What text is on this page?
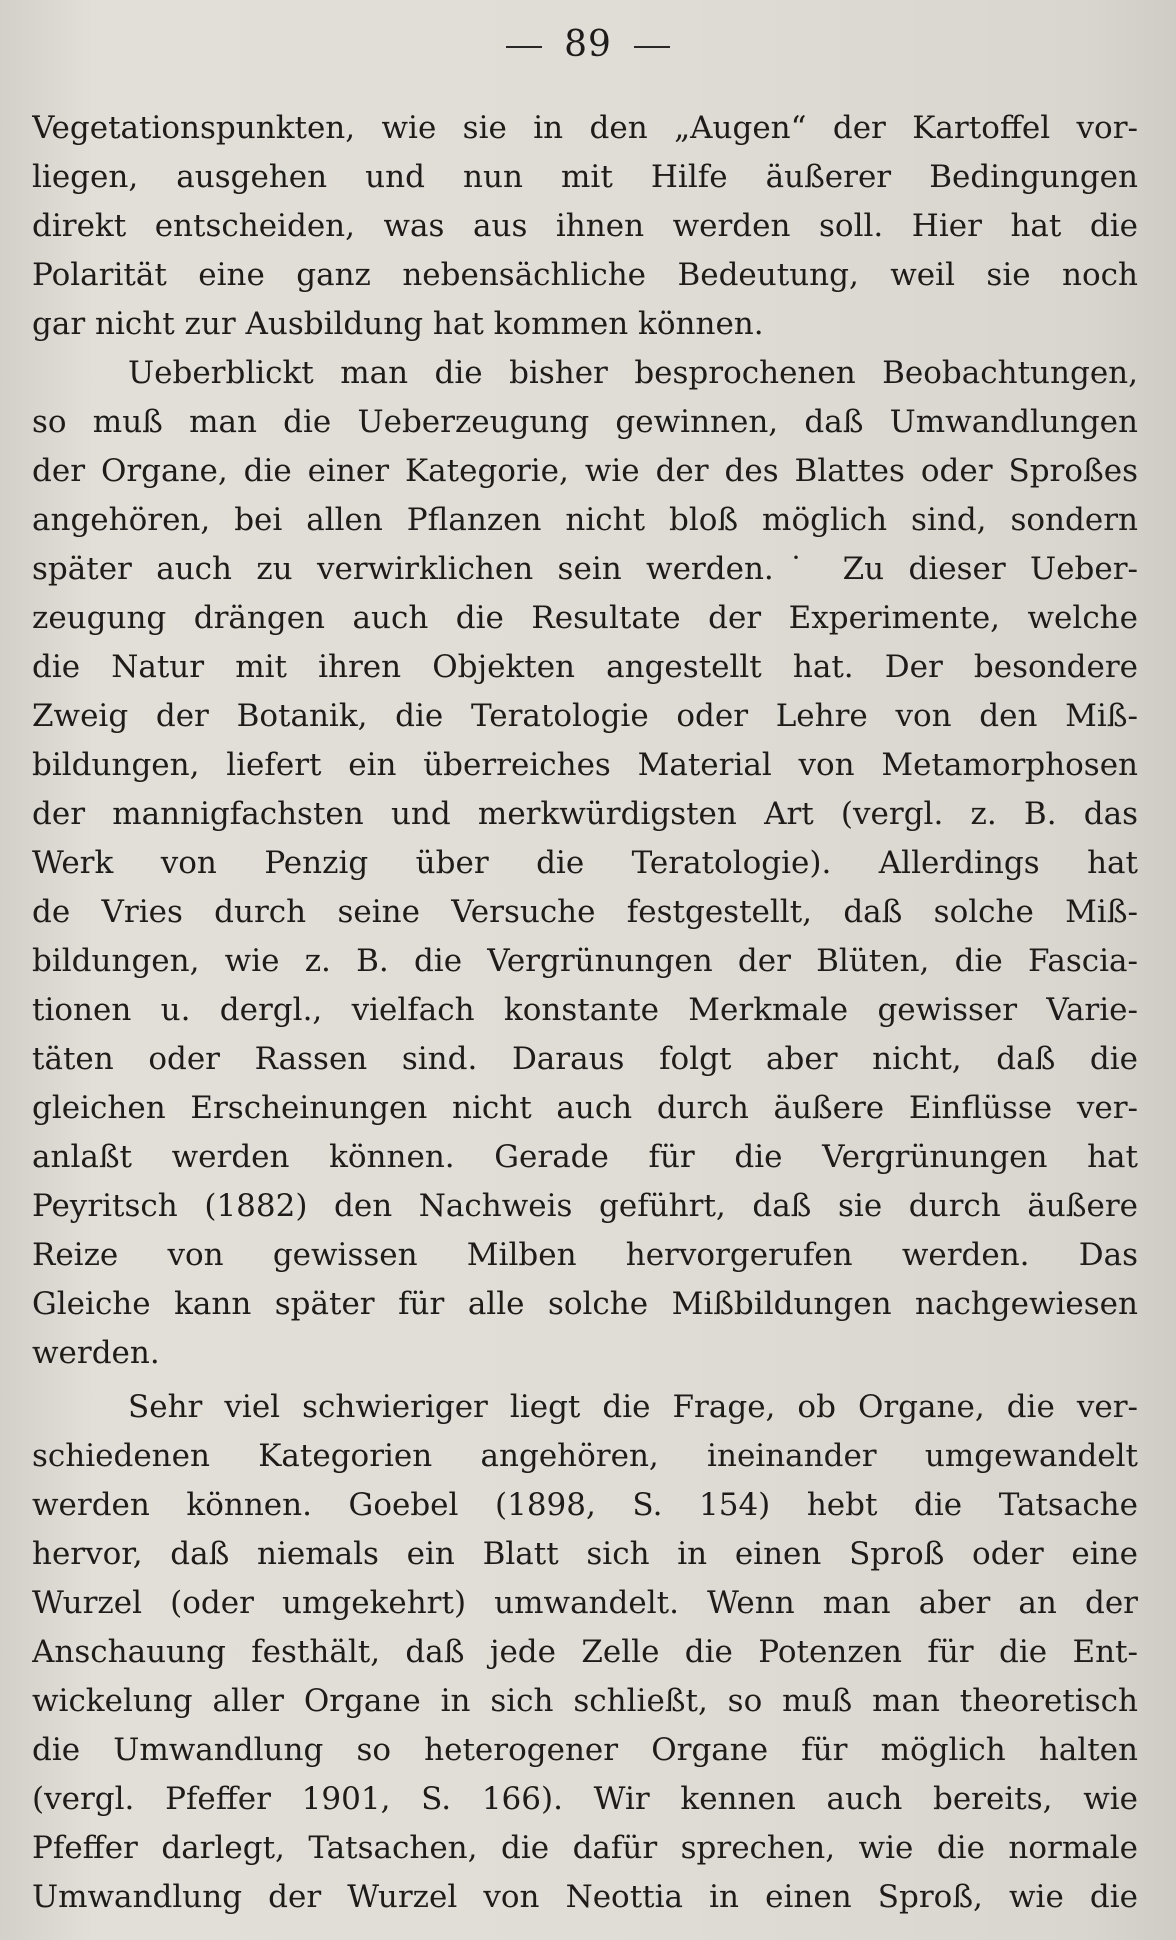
89
Vegetationspunkten, wie sie in den „Augen“ der Kartoffel vor-
liegen, ausgehen und nun mit Hilfe äußerer Bedingungen
direkt entscheiden, was aus ihnen werden soll. Hier hat die
Polarität eine ganz nebensächliche Bedeutung, weil sie noch
gar nicht zur Ausbildung hat kommen können.
Ueberblickt man die bisher besprochenen Beobachtungen,
so muß man die Ueberzeugung gewinnen, daß Umwandlungen
der Organe, die einer Kategorie, wie der des Blattes oder Sproßes
angehören, bei allen Pflanzen nicht bloß möglich sind, sondern
später auch zu verwirklichen sein werden.˙ Zu dieser Ueber-
zeugung drängen auch die Resultate der Experimente, welche
die Natur mit ihren Objekten angestellt hat. Der besondere
Zweig der Botanik, die Teratologie oder Lehre von den Miß-
bildungen, liefert ein überreiches Material von Metamorphosen
der mannigfachsten und merkwürdigsten Art (vergl. z. B. das
Werk von Penzig über die Teratologie). Allerdings hat
de Vries durch seine Versuche festgestellt, daß solche Miß-
bildungen, wie z. B. die Vergrünungen der Blüten, die Fascia-
tionen u. dergl., vielfach konstante Merkmale gewisser Varie-
täten oder Rassen sind. Daraus folgt aber nicht, daß die
gleichen Erscheinungen nicht auch durch äußere Einflüsse ver-
anlaßt werden können. Gerade für die Vergrünungen hat
Peyritsch (1882) den Nachweis geführt, daß sie durch äußere
Reize von gewissen Milben hervorgerufen werden. Das
Gleiche kann später für alle solche Mißbildungen nachgewiesen
werden.
Sehr viel schwieriger liegt die Frage, ob Organe, die ver-
schiedenen Kategorien angehören, ineinander umgewandelt
werden können. Goebel (1898, S. 154) hebt die Tatsache
hervor, daß niemals ein Blatt sich in einen Sproß oder eine
Wurzel (oder umgekehrt) umwandelt. Wenn man aber an der
Anschauung festhält, daß jede Zelle die Potenzen für die Ent-
wickelung aller Organe in sich schließt, so muß man theoretisch
die Umwandlung so heterogener Organe für möglich halten
(vergl. Pfeffer 1901, S. 166). Wir kennen auch bereits, wie
Pfeffer darlegt, Tatsachen, die dafür sprechen, wie die normale
Umwandlung der Wurzel von Neottia in einen Sproß, wie die
